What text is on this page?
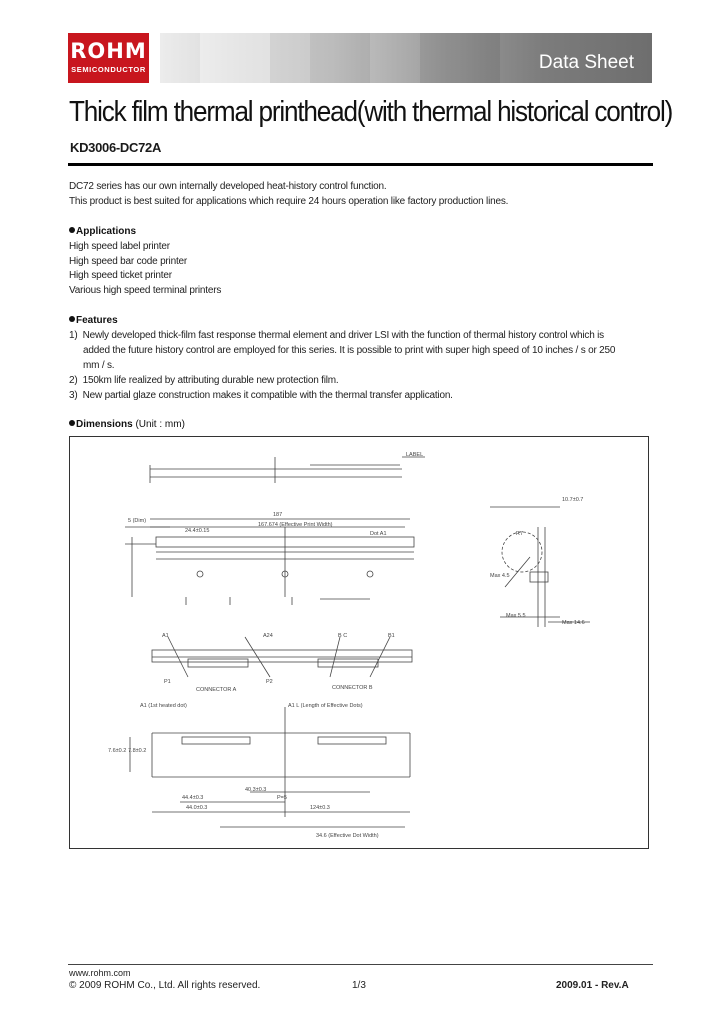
ROHM
SEMICONDUCTOR	Data Sheet
Thick film thermal printhead(with thermal historical control)
KD3006-DC72A
DC72 series has our own internally developed heat-history control function.
This product is best suited for applications which require 24 hours operation like factory production lines.
Applications
High speed label printer
High speed bar code printer
High speed ticket printer
Various high speed terminal printers
Features
1) Newly developed thick-film fast response thermal element and driver LSI with the function of thermal history control which is
added the future history control are employed for this series. It is possible to print with super high speed of 10 inches / s or 250
mm / s.
2) 150km life realized by attributing durable new protection film.
3) New partial glaze construction makes it compatible with the thermal transfer application.
Dimensions (Unit : mm)
LABEL
187
167.674 (Effective Print Width)
Dot A1
5 (Dim)
24.4±0.15
A1	A24	B C	B1
P1	P2
CONNECTOR A	CONNECTOR B
A1 (1st heated dot)	A1 L (Length of Effective Dots)
7.6±0.2 7.8±0.2
44.4±0.3
40.3±0.3
44.0±0.3
P=5
124±0.3
34.6 (Effective Dot Width)
10.7±0.7
Max 5.5
Max 14.6
R7
Max 4.5
www.rohm.com
© 2009 ROHM Co., Ltd. All rights reserved.	1/3	2009.01 - Rev.A
